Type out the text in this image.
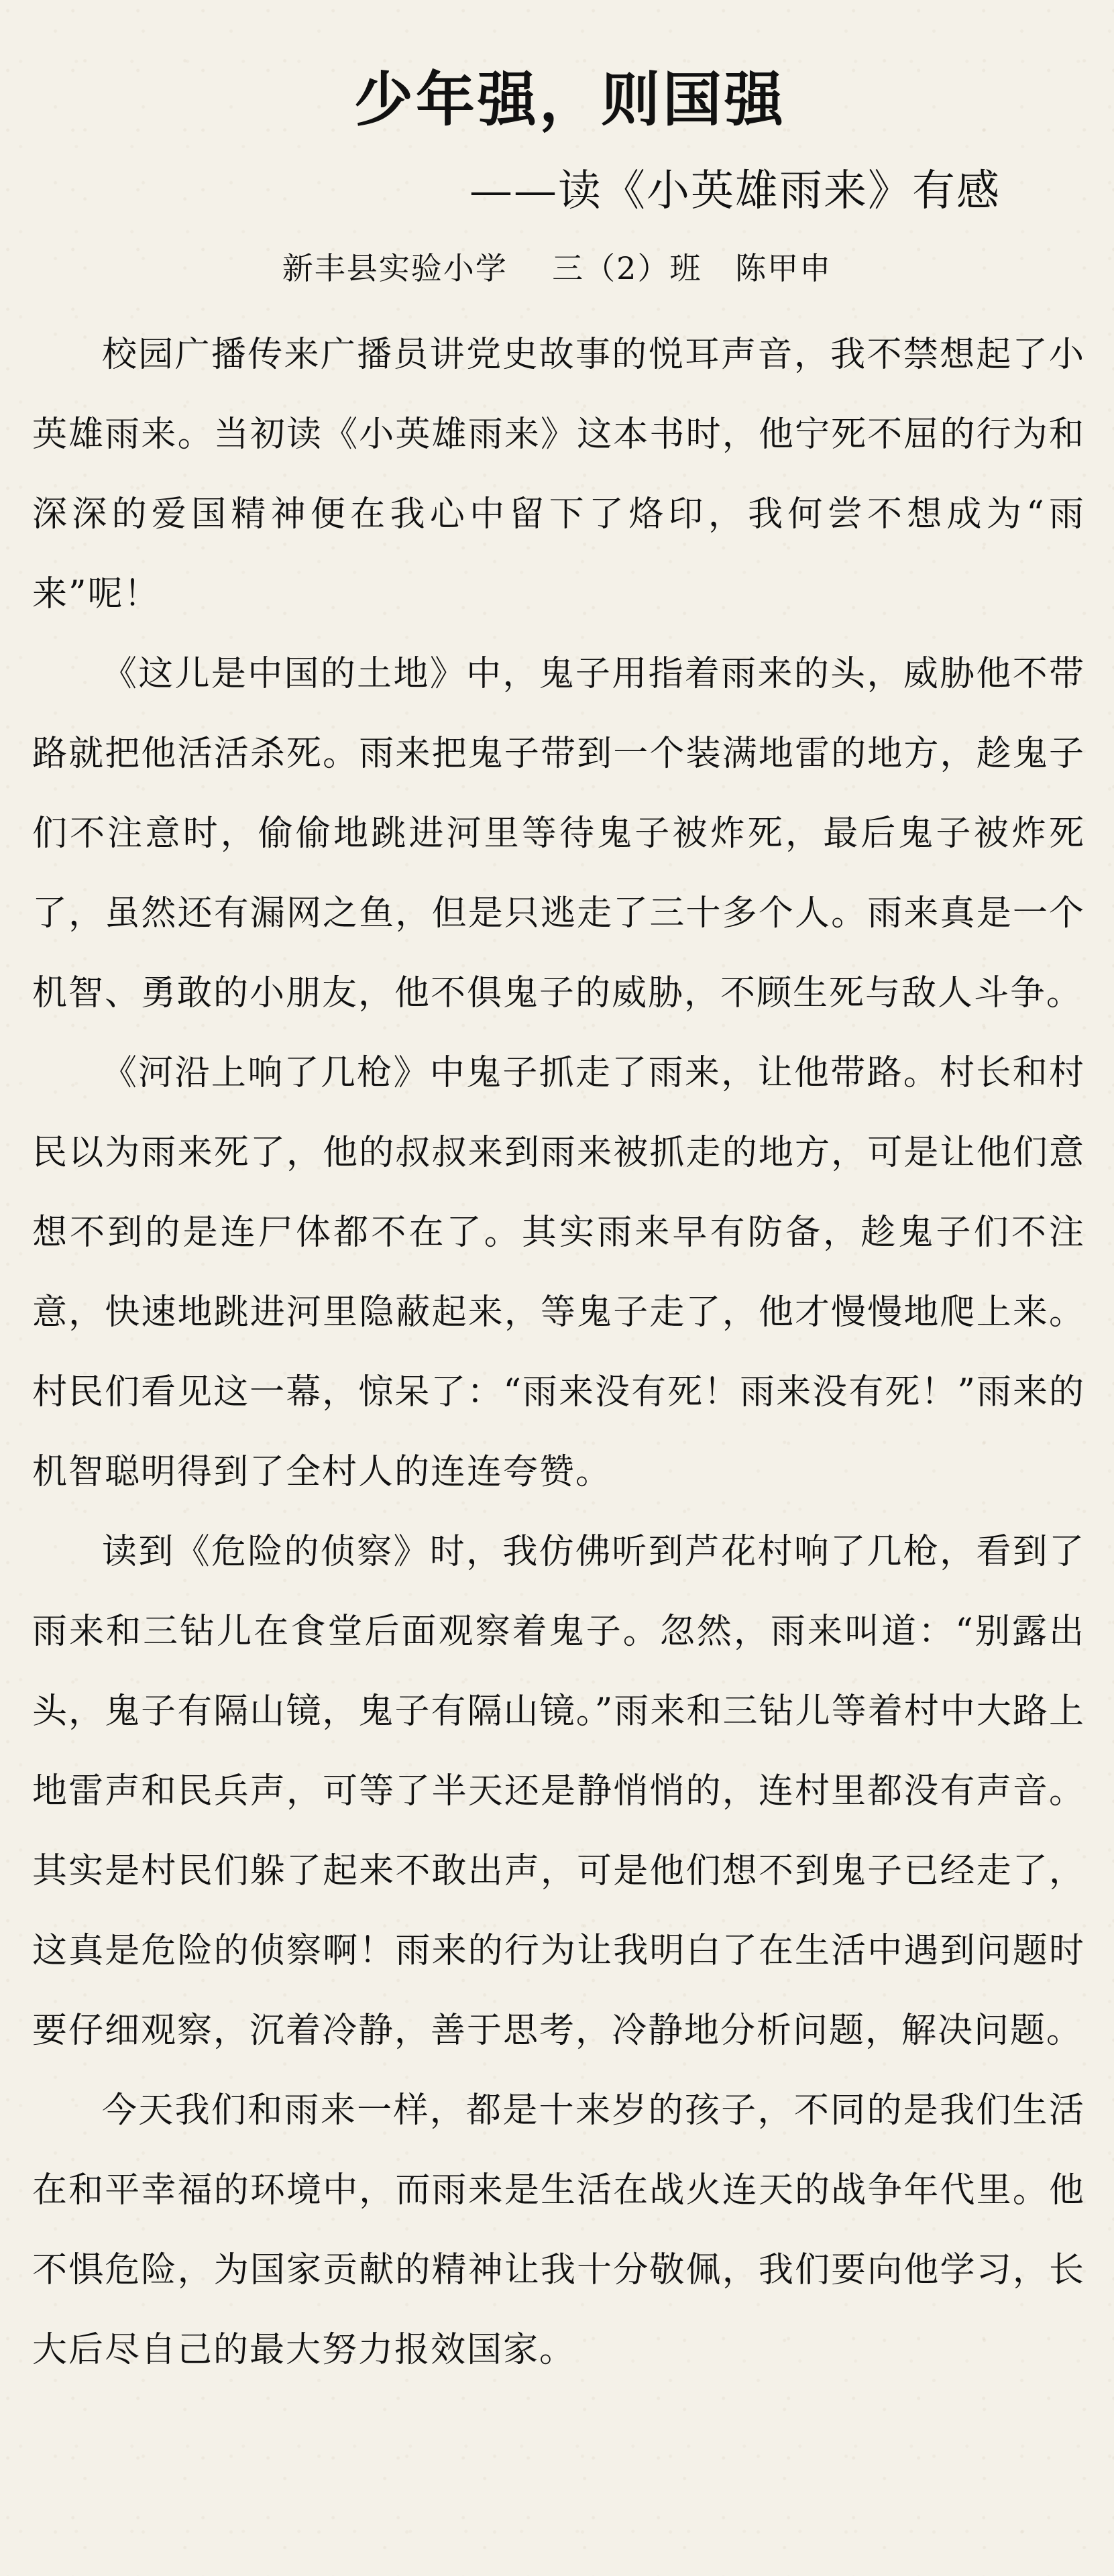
少年强，则国强
——读《小英雄雨来》有感
新丰县实验小学    三（2）班   陈甲申

校园广播传来广播员讲党史故事的悦耳声音，我不禁想起了小英雄雨来。当初读《小英雄雨来》这本书时，他宁死不屈的行为和深深的爱国精神便在我心中留下了烙印，我何尝不想成为“雨来”呢！

《这儿是中国的土地》中，鬼子用指着雨来的头，威胁他不带路就把他活活杀死。雨来把鬼子带到一个装满地雷的地方，趁鬼子们不注意时，偷偷地跳进河里等待鬼子被炸死，最后鬼子被炸死了，虽然还有漏网之鱼，但是只逃走了三十多个人。雨来真是一个机智、勇敢的小朋友，他不俱鬼子的威胁，不顾生死与敌人斗争。

《河沿上响了几枪》中鬼子抓走了雨来，让他带路。村长和村民以为雨来死了，他的叔叔来到雨来被抓走的地方，可是让他们意想不到的是连尸体都不在了。其实雨来早有防备，趁鬼子们不注意，快速地跳进河里隐蔽起来，等鬼子走了，他才慢慢地爬上来。村民们看见这一幕，惊呆了：“雨来没有死！雨来没有死！”雨来的机智聪明得到了全村人的连连夸赞。

读到《危险的侦察》时，我仿佛听到芦花村响了几枪，看到了雨来和三钻儿在食堂后面观察着鬼子。忽然，雨来叫道：“别露出头，鬼子有隔山镜，鬼子有隔山镜。”雨来和三钻儿等着村中大路上地雷声和民兵声，可等了半天还是静悄悄的，连村里都没有声音。其实是村民们躲了起来不敢出声，可是他们想不到鬼子已经走了，这真是危险的侦察啊！雨来的行为让我明白了在生活中遇到问题时要仔细观察，沉着冷静，善于思考，冷静地分析问题，解决问题。

今天我们和雨来一样，都是十来岁的孩子，不同的是我们生活在和平幸福的环境中，而雨来是生活在战火连天的战争年代里。他不惧危险，为国家贡献的精神让我十分敬佩，我们要向他学习，长大后尽自己的最大努力报效国家。
